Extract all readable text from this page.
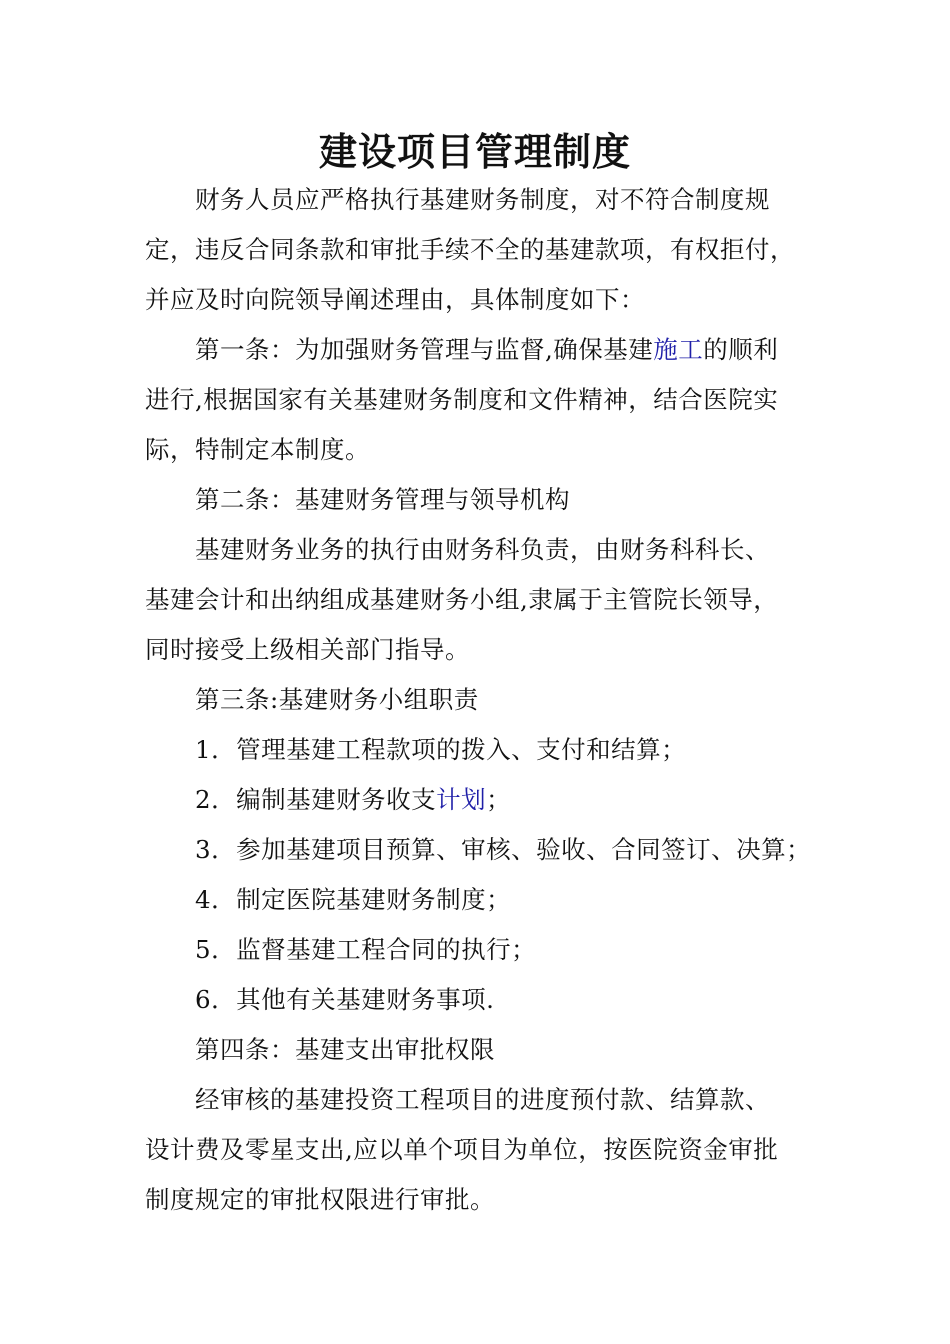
建设项目管理制度
财务人员应严格执行基建财务制度，对不符合制度规
定，违反合同条款和审批手续不全的基建款项，有权拒付，
并应及时向院领导阐述理由，具体制度如下：
第一条：为加强财务管理与监督,确保基建施工的顺利
进行,根据国家有关基建财务制度和文件精神，结合医院实
际，特制定本制度。
第二条：基建财务管理与领导机构
基建财务业务的执行由财务科负责，由财务科科长、
基建会计和出纳组成基建财务小组,隶属于主管院长领导，
同时接受上级相关部门指导。
第三条:基建财务小组职责
1．管理基建工程款项的拨入、支付和结算；
2．编制基建财务收支计划；
3．参加基建项目预算、审核、验收、合同签订、决算；
4．制定医院基建财务制度；
5．监督基建工程合同的执行；
6．其他有关基建财务事项.
第四条：基建支出审批权限
经审核的基建投资工程项目的进度预付款、结算款、
设计费及零星支出,应以单个项目为单位，按医院资金审批
制度规定的审批权限进行审批。
